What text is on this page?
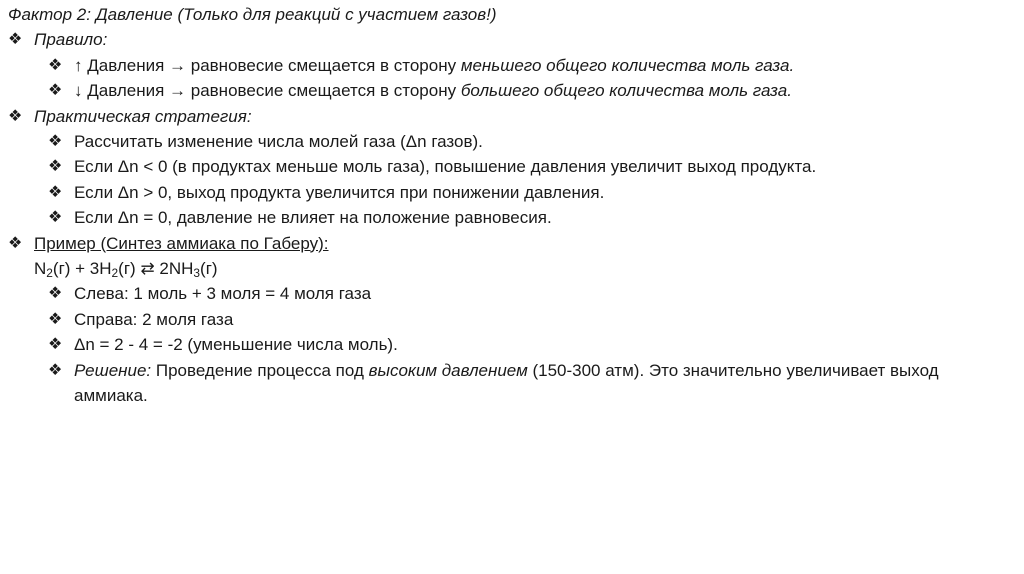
Фактор 2: Давление (Только для реакций с участием газов!)
❖ Правило:
❖ ↑ Давления → равновесие смещается в сторону меньшего общего количества моль газа.
❖ ↓ Давления → равновесие смещается в сторону большего общего количества моль газа.
❖ Практическая стратегия:
❖ Рассчитать изменение числа молей газа (Δn газов).
❖ Если Δn < 0 (в продуктах меньше моль газа), повышение давления увеличит выход продукта.
❖ Если Δn > 0, выход продукта увеличится при понижении давления.
❖ Если Δn = 0, давление не влияет на положение равновесия.
❖ Пример (Синтез аммиака по Габеру):
$N_2(г) + 3H_2(г)$ ⇄ $2NH_3(г)$
❖ Слева: 1 моль + 3 моля = 4 моля газа
❖ Справа: 2 моля газа
❖ Δn = 2 - 4 = -2 (уменьшение числа моль).
❖ Решение: Проведение процесса под высоким давлением (150-300 атм). Это значительно увеличивает выход аммиака.
